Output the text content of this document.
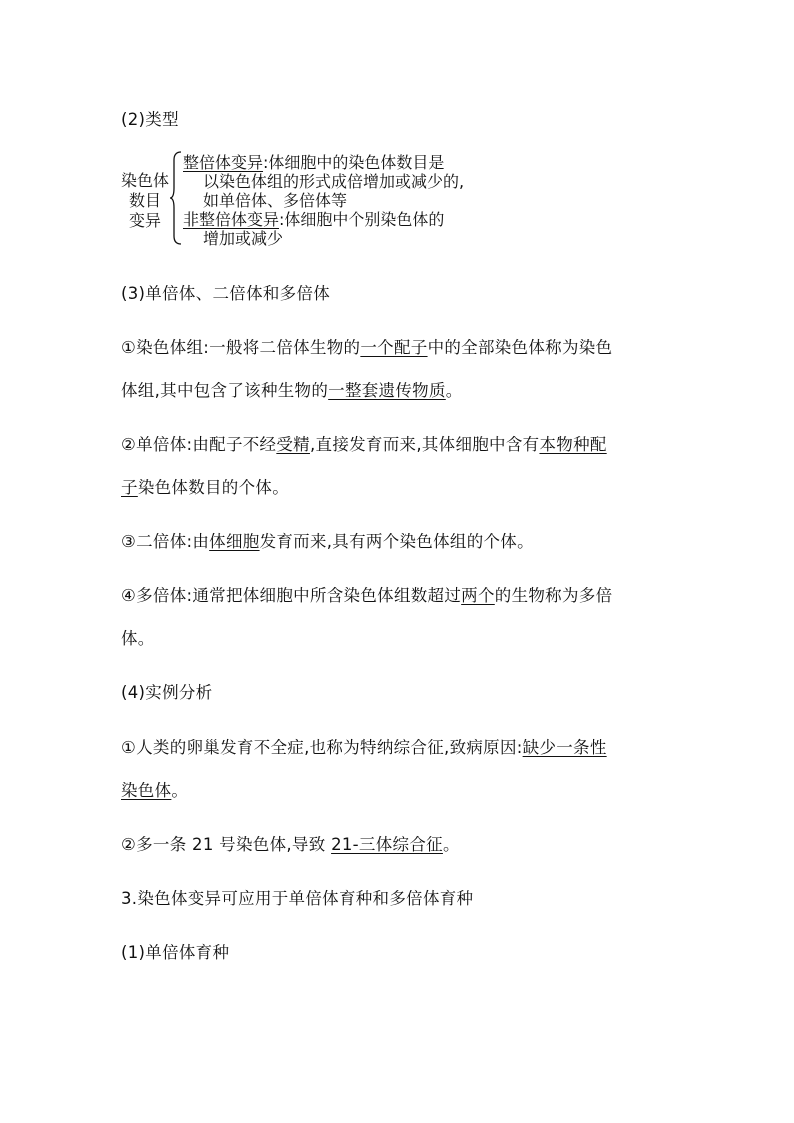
(2)类型
染色体
数目
变异
整倍体变异:体细胞中的染色体数目是
以染色体组的形式成倍增加或减少的,
如单倍体、多倍体等
非整倍体变异:体细胞中个别染色体的
增加或减少
(3)单倍体、二倍体和多倍体
①染色体组:一般将二倍体生物的一个配子中的全部染色体称为染色
体组,其中包含了该种生物的一整套遗传物质。
②单倍体:由配子不经受精,直接发育而来,其体细胞中含有本物种配
子染色体数目的个体。
③二倍体:由体细胞发育而来,具有两个染色体组的个体。
④多倍体:通常把体细胞中所含染色体组数超过两个的生物称为多倍
体。
(4)实例分析
①人类的卵巢发育不全症,也称为特纳综合征,致病原因:缺少一条性
染色体。
②多一条 21 号染色体,导致 21-三体综合征。
3.染色体变异可应用于单倍体育种和多倍体育种
(1)单倍体育种
